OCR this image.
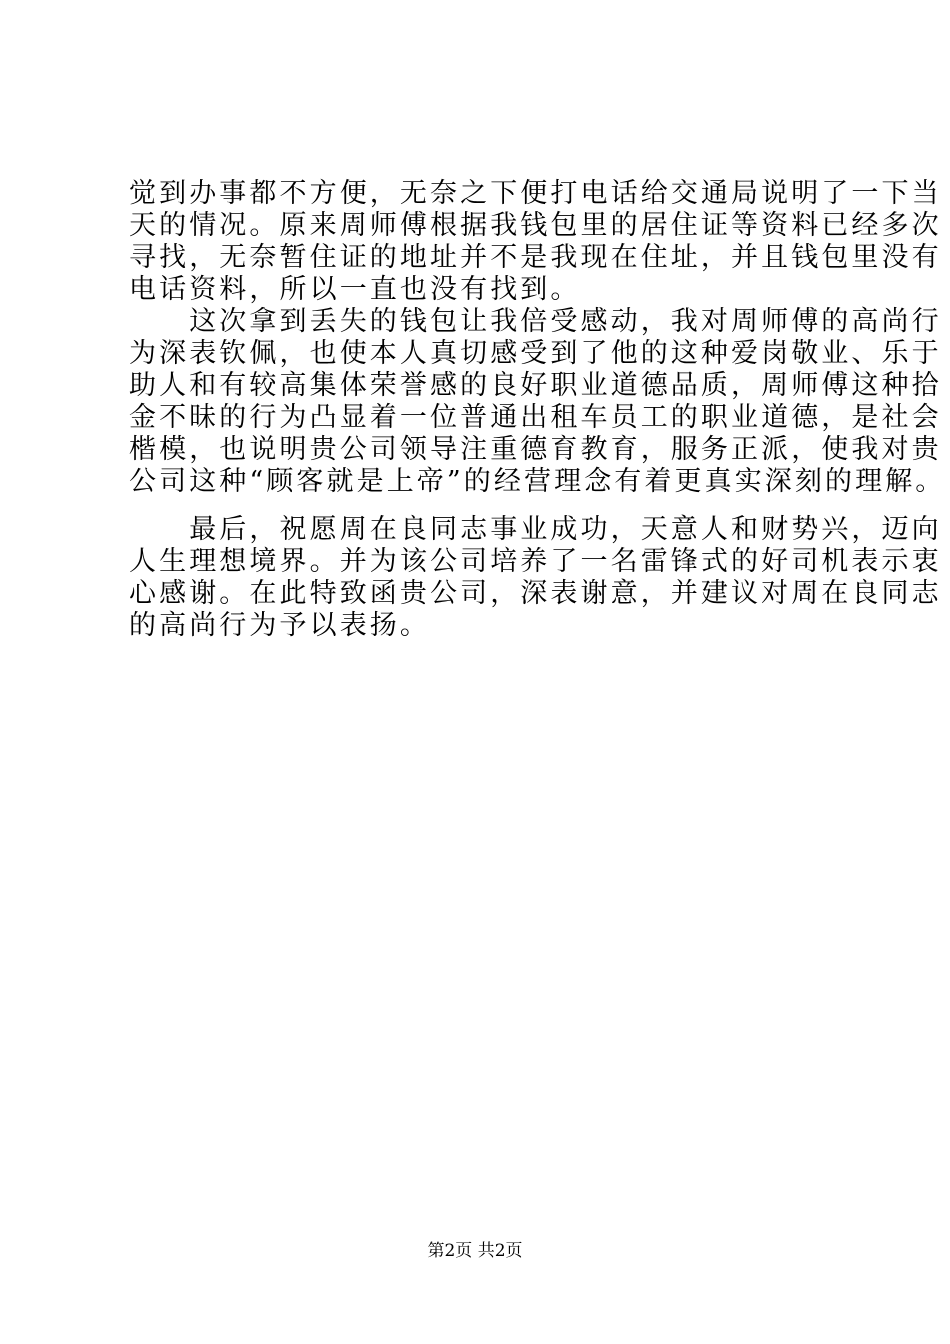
觉到办事都不方便，无奈之下便打电话给交通局说明了一下当
天的情况。原来周师傅根据我钱包里的居住证等资料已经多次
寻找，无奈暂住证的地址并不是我现在住址，并且钱包里没有
电话资料，所以一直也没有找到。
　　这次拿到丢失的钱包让我倍受感动，我对周师傅的高尚行
为深表钦佩，也使本人真切感受到了他的这种爱岗敬业、乐于
助人和有较高集体荣誉感的良好职业道德品质，周师傅这种拾
金不昧的行为凸显着一位普通出租车员工的职业道德，是社会
楷模，也说明贵公司领导注重德育教育，服务正派，使我对贵
公司这种“顾客就是上帝”的经营理念有着更真实深刻的理解。
　　最后，祝愿周在良同志事业成功，天意人和财势兴，迈向
人生理想境界。并为该公司培养了一名雷锋式的好司机表示衷
心感谢。在此特致函贵公司，深表谢意，并建议对周在良同志
的高尚行为予以表扬。
第2页 共2页
